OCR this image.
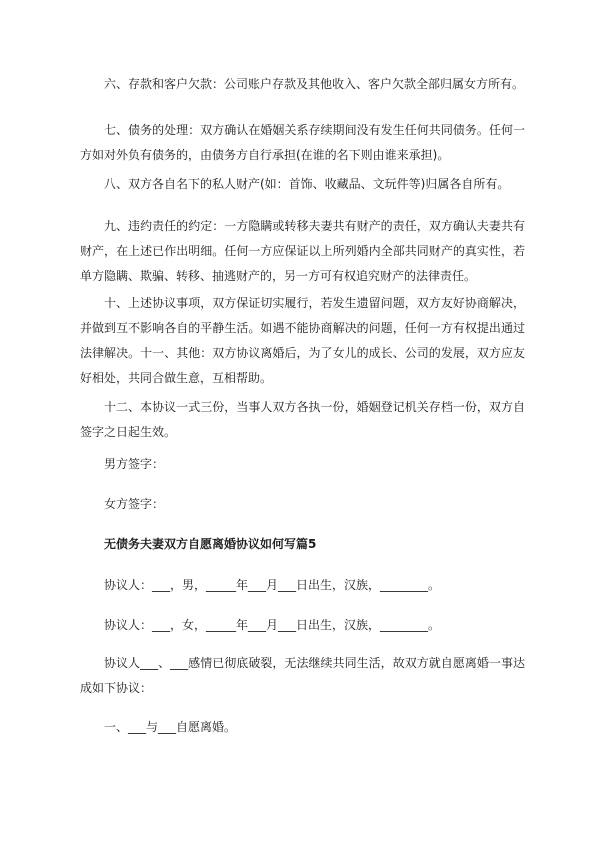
六、存款和客户欠款：公司账户存款及其他收入、客户欠款全部归属女方所有。

七、债务的处理：双方确认在婚姻关系存续期间没有发生任何共同债务。任何一方如对外负有债务的，由债务方自行承担(在谁的名下则由谁来承担)。

八、双方各自名下的私人财产(如：首饰、收藏品、文玩件等)归属各自所有。

九、违约责任的约定：一方隐瞒或转移夫妻共有财产的责任，双方确认夫妻共有财产，在上述已作出明细。任何一方应保证以上所列婚内全部共同财产的真实性，若单方隐瞒、欺骗、转移、抽逃财产的，另一方可有权追究财产的法律责任。

十、上述协议事项，双方保证切实履行，若发生遗留问题，双方友好协商解决，并做到互不影响各自的平静生活。如遇不能协商解决的问题，任何一方有权提出通过法律解决。十一、其他：双方协议离婚后，为了女儿的成长、公司的发展，双方应友好相处，共同合做生意，互相帮助。

十二、本协议一式三份，当事人双方各执一份，婚姻登记机关存档一份，双方自签字之日起生效。

男方签字：

女方签字：

无债务夫妻双方自愿离婚协议如何写篇5

协议人：___，男，_____年___月___日出生，汉族，________。

协议人：___，女，_____年___月___日出生，汉族，________。

协议人___、___感情已彻底破裂，无法继续共同生活，故双方就自愿离婚一事达成如下协议：

一、___与___自愿离婚。
